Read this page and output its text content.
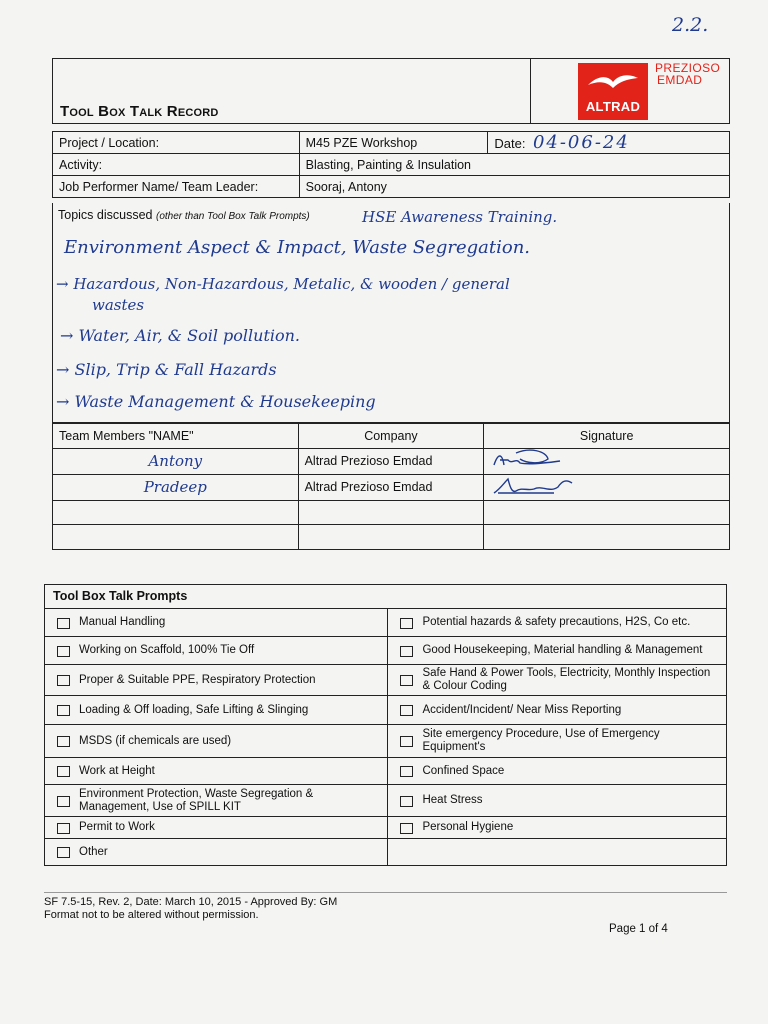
2.2.
Tool Box Talk Record	ALTRAD
PREZIOSO
EMDAD
Project / Location:	M45 PZE Workshop	Date: 04-06-24
Activity:	Blasting, Painting & Insulation	
Job Performer Name/ Team Leader:	Sooraj, Antony	
Topics discussed (other than Tool Box Talk Prompts)	HSE Awareness Training.
Environment Aspect & Impact, Waste Segregation.
→ Hazardous, Non-Hazardous, Metalic, & wooden / general
wastes
→ Water, Air, & Soil pollution.
→ Slip, Trip & Fall Hazards
→ Waste Management & Housekeeping
Team Members "NAME"	Company	Signature
Antony	Altrad Prezioso Emdad	
Pradeep	Altrad Prezioso Emdad	

Tool Box Talk Prompts	

Manual Handling	Potential hazards & safety precautions, H2S, Co etc.

Working on Scaffold, 100% Tie Off	Good Housekeeping, Material handling & Management

Proper & Suitable PPE, Respiratory Protection	Safe Hand & Power Tools, Electricity, Monthly Inspection & Colour Coding

Loading & Off loading, Safe Lifting & Slinging	Accident/Incident/ Near Miss Reporting

MSDS (if chemicals are used)	Site emergency Procedure, Use of Emergency Equipment's

Work at Height	Confined Space

Environment Protection, Waste Segregation & Management, Use of SPILL KIT	Heat Stress

Permit to Work	Personal Hygiene

Other	
SF 7.5-15, Rev. 2, Date: March 10, 2015 - Approved By: GM
Format not to be altered without permission.
Page 1 of 4
